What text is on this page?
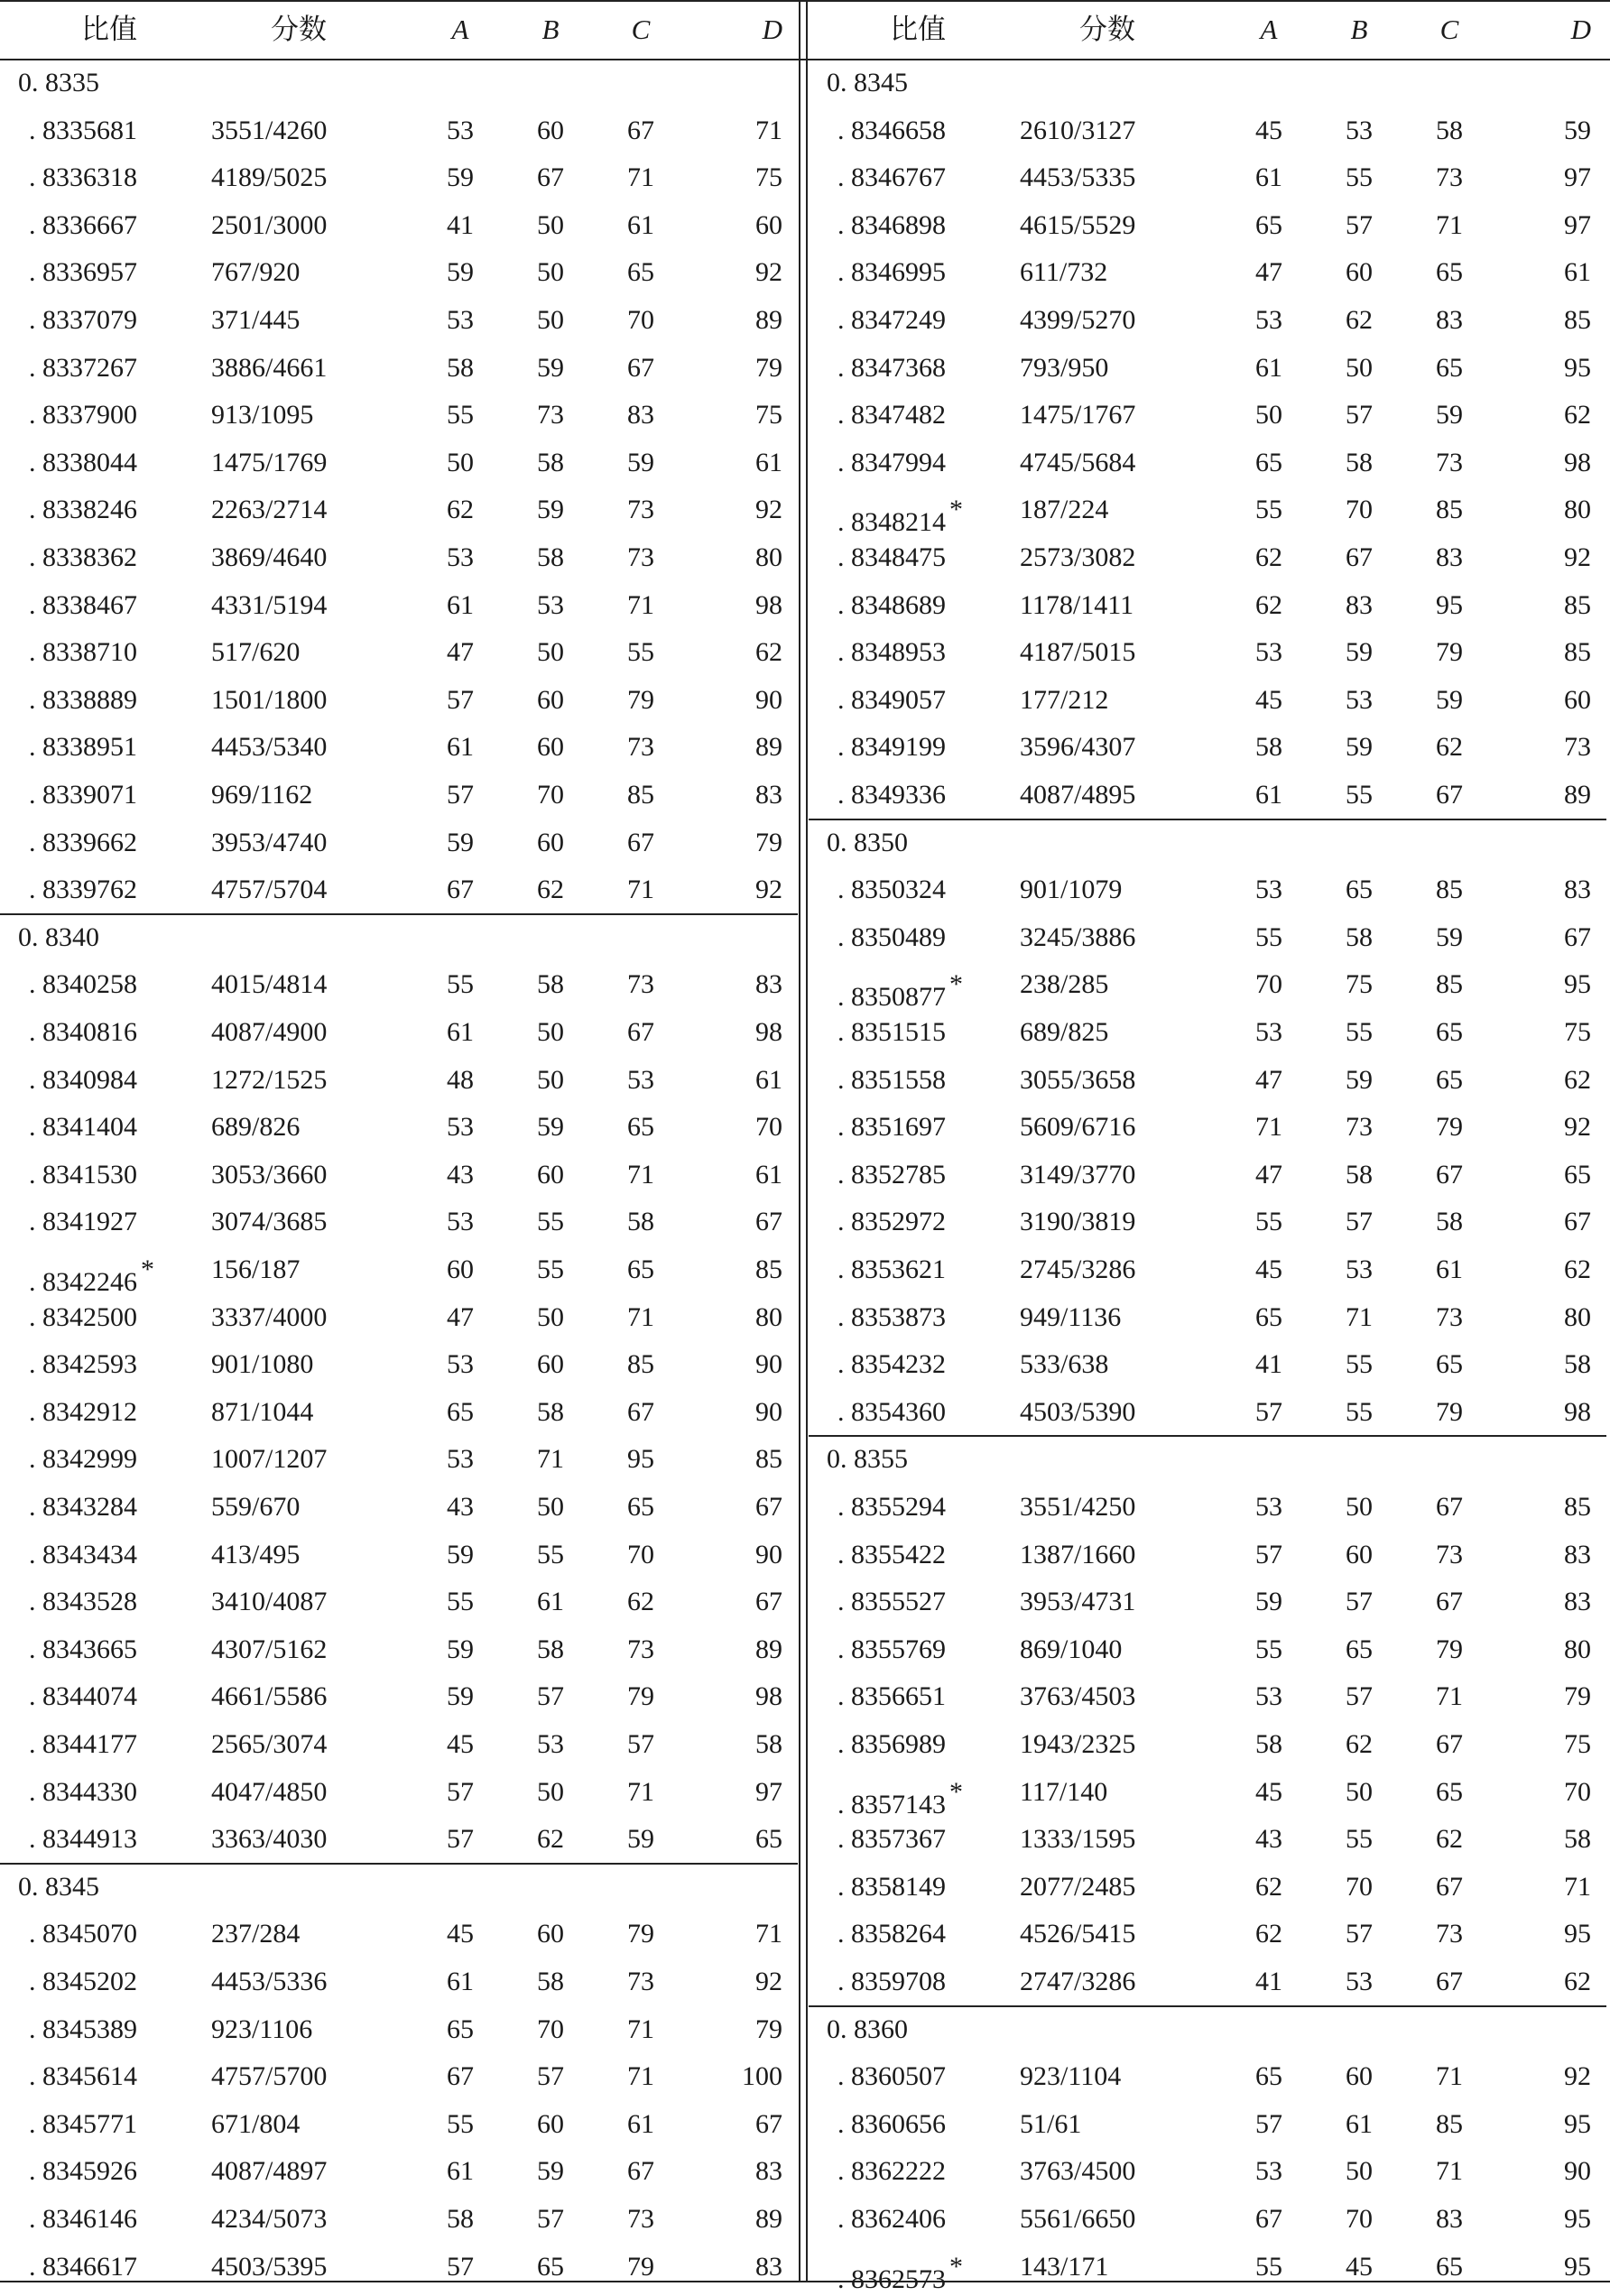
比值	分数	A	B	C	D
0. 8335
. 8335681	3551/4260	53	60	67	71
. 8336318	4189/5025	59	67	71	75
. 8336667	2501/3000	41	50	61	60
. 8336957	767/920	59	50	65	92
. 8337079	371/445	53	50	70	89
. 8337267	3886/4661	58	59	67	79
. 8337900	913/1095	55	73	83	75
. 8338044	1475/1769	50	58	59	61
. 8338246	2263/2714	62	59	73	92
. 8338362	3869/4640	53	58	73	80
. 8338467	4331/5194	61	53	71	98
. 8338710	517/620	47	50	55	62
. 8338889	1501/1800	57	60	79	90
. 8338951	4453/5340	61	60	73	89
. 8339071	969/1162	57	70	85	83
. 8339662	3953/4740	59	60	67	79
. 8339762	4757/5704	67	62	71	92
0. 8340
. 8340258	4015/4814	55	58	73	83
. 8340816	4087/4900	61	50	67	98
. 8340984	1272/1525	48	50	53	61
. 8341404	689/826	53	59	65	70
. 8341530	3053/3660	43	60	71	61
. 8341927	3074/3685	53	55	58	67
. 8342246 * 156/187	60	55	65	85
. 8342500	3337/4000	47	50	71	80
. 8342593	901/1080	53	60	85	90
. 8342912	871/1044	65	58	67	90
. 8342999	1007/1207	53	71	95	85
. 8343284	559/670	43	50	65	67
. 8343434	413/495	59	55	70	90
. 8343528	3410/4087	55	61	62	67
. 8343665	4307/5162	59	58	73	89
. 8344074	4661/5586	59	57	79	98
. 8344177	2565/3074	45	53	57	58
. 8344330	4047/4850	57	50	71	97
. 8344913	3363/4030	57	62	59	65
0. 8345
. 8345070	237/284	45	60	79	71
. 8345202	4453/5336	61	58	73	92
. 8345389	923/1106	65	70	71	79
. 8345614	4757/5700	67	57	71	100
. 8345771	671/804	55	60	61	67
. 8345926	4087/4897	61	59	67	83
. 8346146	4234/5073	58	57	73	89
. 8346617	4503/5395	57	65	79	83
比值	分数	A	B	C	D
0. 8345
. 8346658	2610/3127	45	53	58	59
. 8346767	4453/5335	61	55	73	97
. 8346898	4615/5529	65	57	71	97
. 8346995	611/732	47	60	65	61
. 8347249	4399/5270	53	62	83	85
. 8347368	793/950	61	50	65	95
. 8347482	1475/1767	50	57	59	62
. 8347994	4745/5684	65	58	73	98
. 8348214 * 187/224	55	70	85	80
. 8348475	2573/3082	62	67	83	92
. 8348689	1178/1411	62	83	95	85
. 8348953	4187/5015	53	59	79	85
. 8349057	177/212	45	53	59	60
. 8349199	3596/4307	58	59	62	73
. 8349336	4087/4895	61	55	67	89
0. 8350
. 8350324	901/1079	53	65	85	83
. 8350489	3245/3886	55	58	59	67
. 8350877 * 238/285	70	75	85	95
. 8351515	689/825	53	55	65	75
. 8351558	3055/3658	47	59	65	62
. 8351697	5609/6716	71	73	79	92
. 8352785	3149/3770	47	58	67	65
. 8352972	3190/3819	55	57	58	67
. 8353621	2745/3286	45	53	61	62
. 8353873	949/1136	65	71	73	80
. 8354232	533/638	41	55	65	58
. 8354360	4503/5390	57	55	79	98
0. 8355
. 8355294	3551/4250	53	50	67	85
. 8355422	1387/1660	57	60	73	83
. 8355527	3953/4731	59	57	67	83
. 8355769	869/1040	55	65	79	80
. 8356651	3763/4503	53	57	71	79
. 8356989	1943/2325	58	62	67	75
. 8357143 * 117/140	45	50	65	70
. 8357367	1333/1595	43	55	62	58
. 8358149	2077/2485	62	70	67	71
. 8358264	4526/5415	62	57	73	95
. 8359708	2747/3286	41	53	67	62
0. 8360
. 8360507	923/1104	65	60	71	92
. 8360656	51/61	57	61	85	95
. 8362222	3763/4500	53	50	71	90
. 8362406	5561/6650	67	70	83	95
. 8362573 * 143/171	55	45	65	95
